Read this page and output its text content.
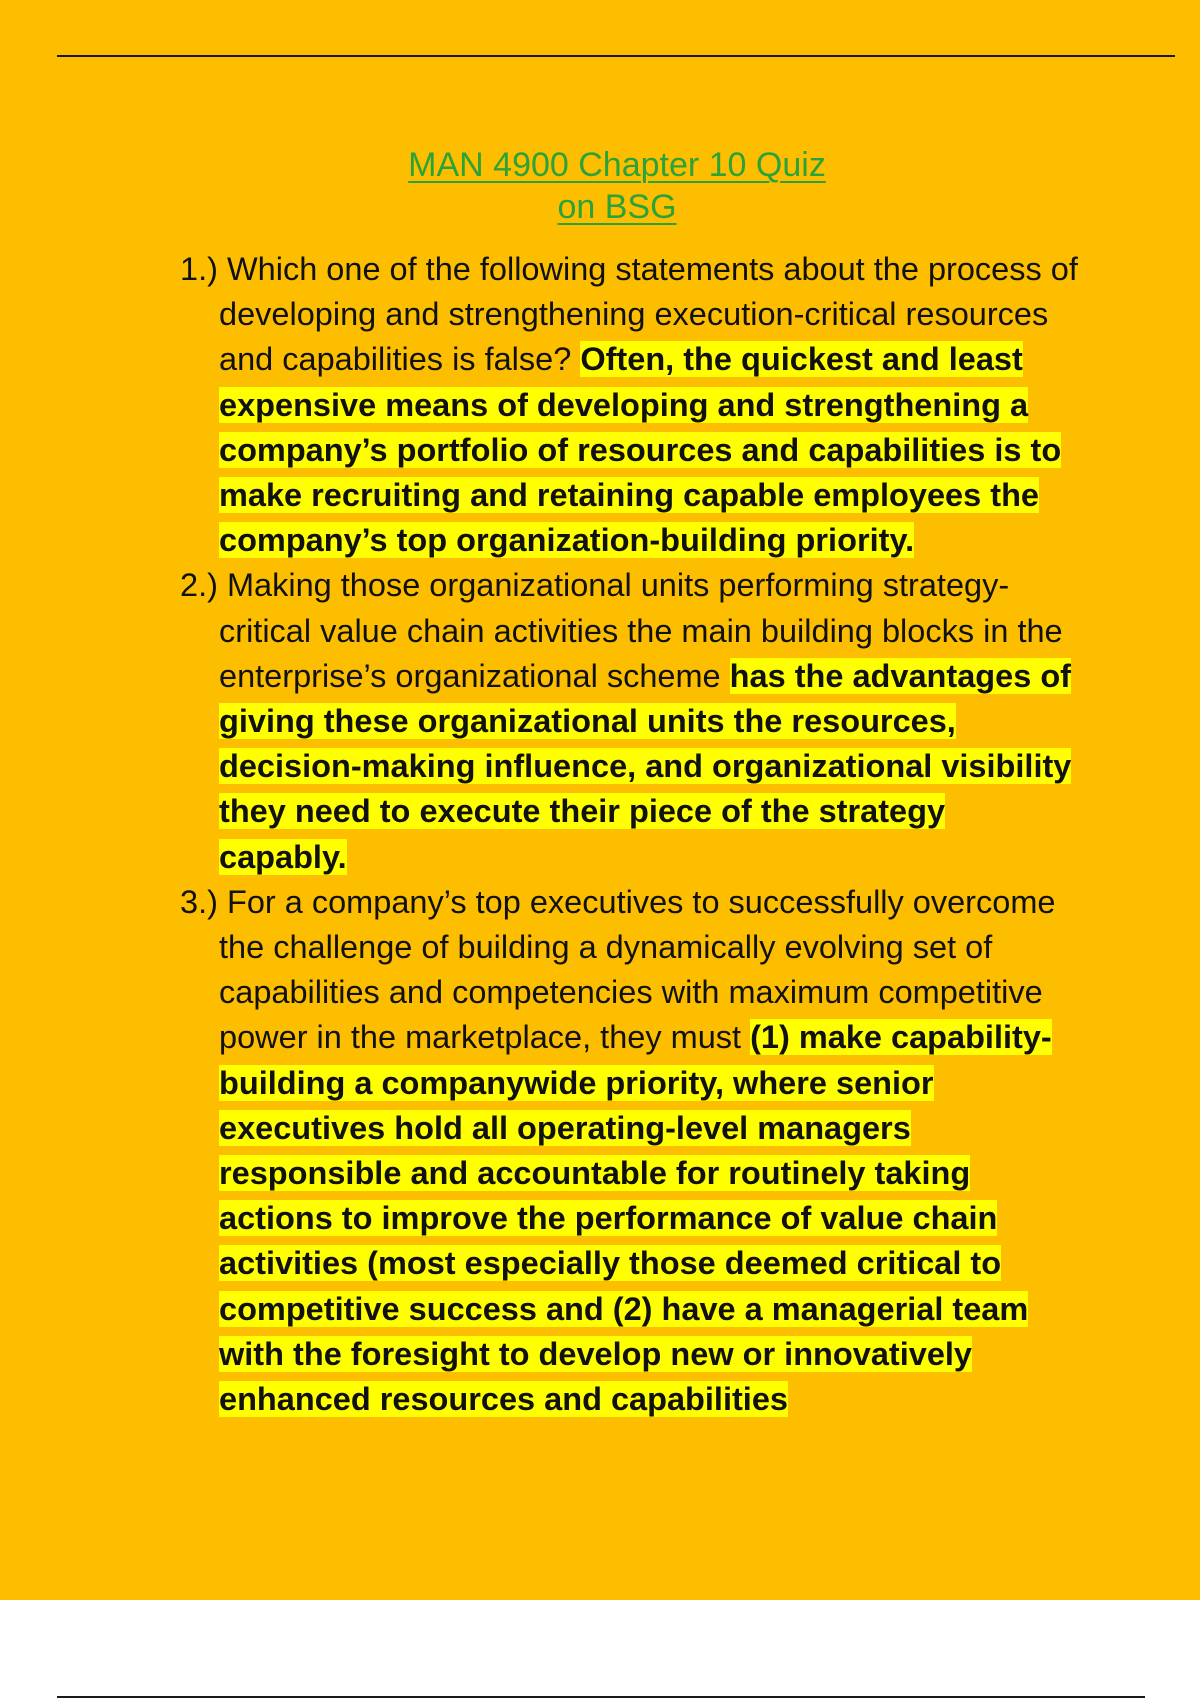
MAN 4900 Chapter 10 Quiz
on BSG
1.) Which one of the following statements about the process of developing and strengthening execution-critical resources and capabilities is false? Often, the quickest and least expensive means of developing and strengthening a company’s portfolio of resources and capabilities is to make recruiting and retaining capable employees the company’s top organization-building priority.
2.) Making those organizational units performing strategy-critical value chain activities the main building blocks in the enterprise’s organizational scheme has the advantages of giving these organizational units the resources, decision-making influence, and organizational visibility they need to execute their piece of the strategy capably.
3.) For a company’s top executives to successfully overcome the challenge of building a dynamically evolving set of capabilities and competencies with maximum competitive power in the marketplace, they must (1) make capability-building a companywide priority, where senior executives hold all operating-level managers responsible and accountable for routinely taking actions to improve the performance of value chain activities (most especially those deemed critical to competitive success and (2) have a managerial team with the foresight to develop new or innovatively enhanced resources and capabilities
